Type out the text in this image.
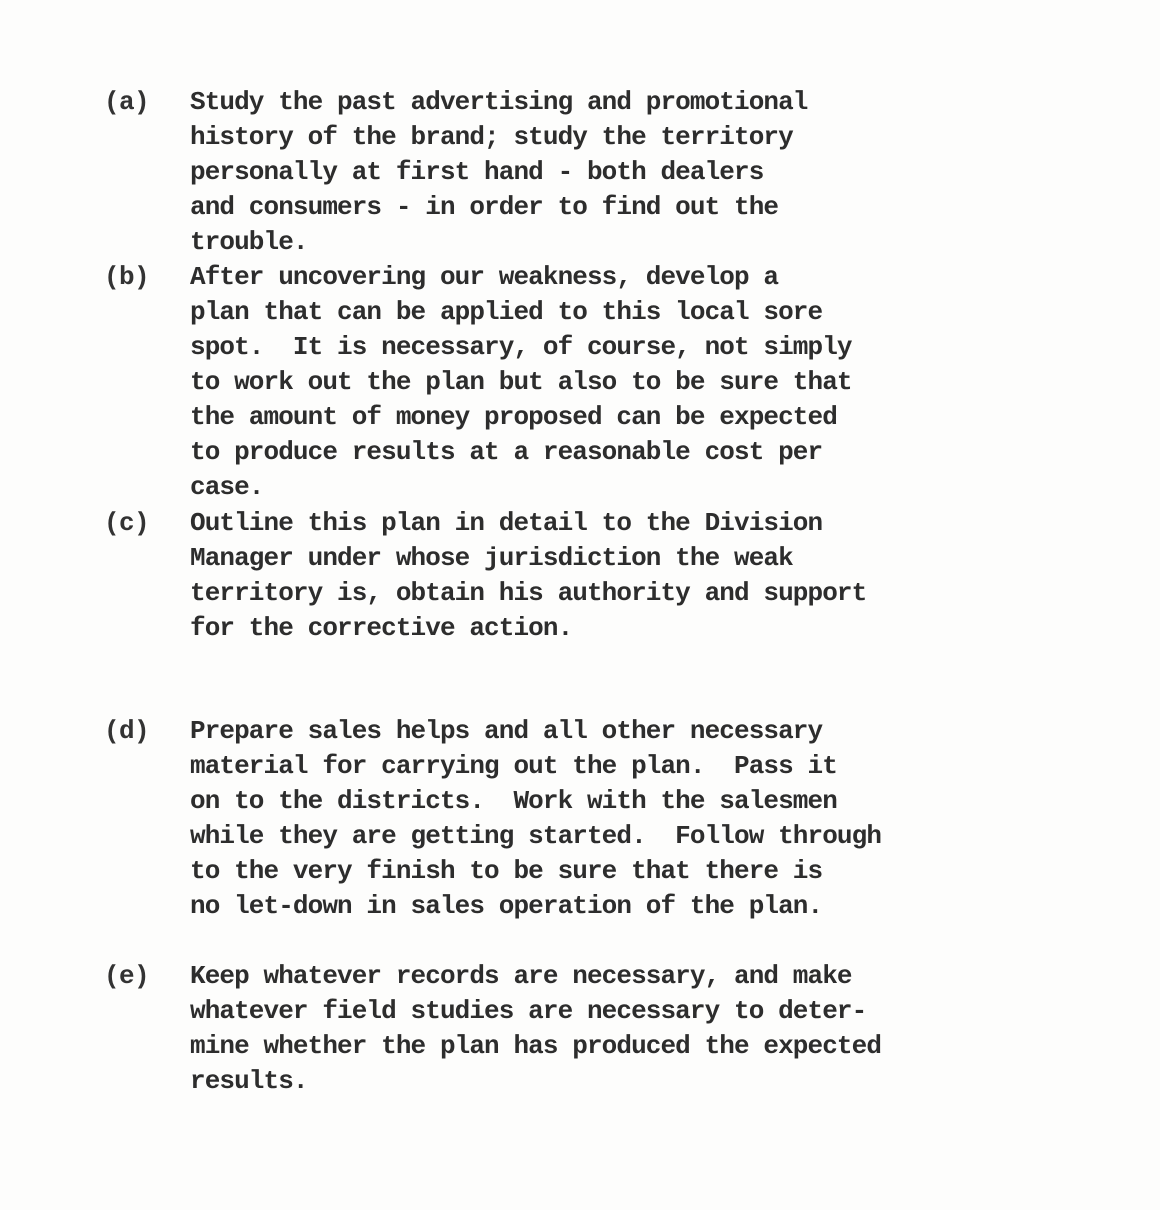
(a) Study the past advertising and promotional
history of the brand; study the territory
personally at first hand - both dealers
and consumers - in order to find out the
trouble.
(b) After uncovering our weakness, develop a
plan that can be applied to this local sore
spot.  It is necessary, of course, not simply
to work out the plan but also to be sure that
the amount of money proposed can be expected
to produce results at a reasonable cost per
case.
(c) Outline this plan in detail to the Division
Manager under whose jurisdiction the weak
territory is, obtain his authority and support
for the corrective action.
(d) Prepare sales helps and all other necessary
material for carrying out the plan.  Pass it
on to the districts.  Work with the salesmen
while they are getting started.  Follow through
to the very finish to be sure that there is
no let-down in sales operation of the plan.
(e) Keep whatever records are necessary, and make
whatever field studies are necessary to deter-
mine whether the plan has produced the expected
results.
